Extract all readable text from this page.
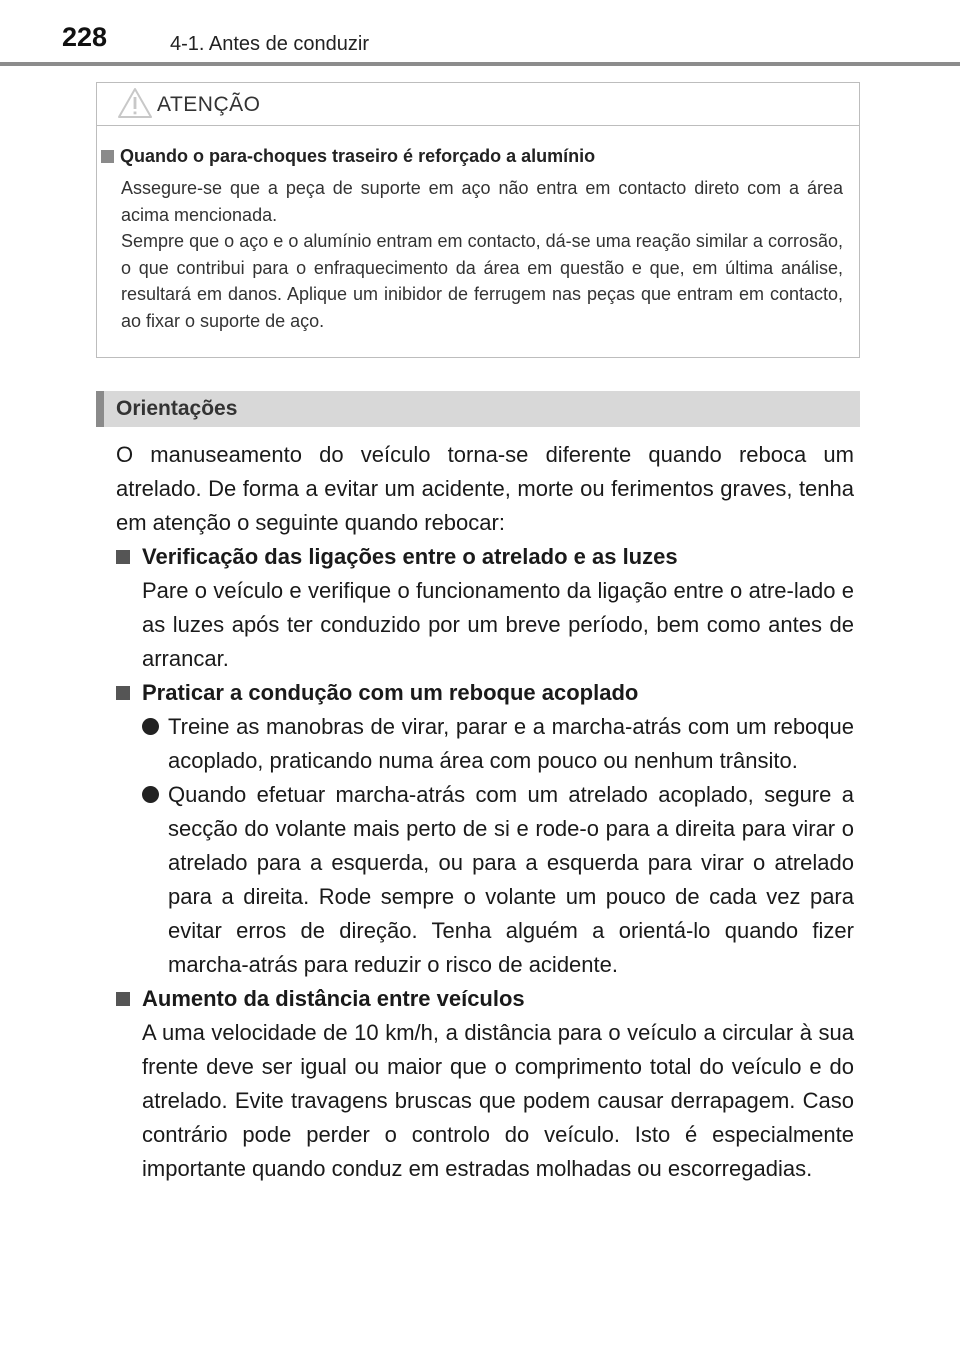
228	4-1. Antes de conduzir
ATENÇÃO
Quando o para-choques traseiro é reforçado a alumínio

Assegure-se que a peça de suporte em aço não entra em contacto direto com a área acima mencionada.

Sempre que o aço e o alumínio entram em contacto, dá-se uma reação similar a corrosão, o que contribui para o enfraquecimento da área em questão e que, em última análise, resultará em danos. Aplique um inibidor de ferrugem nas peças que entram em contacto, ao fixar o suporte de aço.

Orientações

O manuseamento do veículo torna-se diferente quando reboca um atrelado. De forma a evitar um acidente, morte ou ferimentos graves, tenha em atenção o seguinte quando rebocar:

Verificação das ligações entre o atrelado e as luzes

Pare o veículo e verifique o funcionamento da ligação entre o atre-lado e as luzes após ter conduzido por um breve período, bem como antes de arrancar.

Praticar a condução com um reboque acoplado

Treine as manobras de virar, parar e a marcha-atrás com um reboque acoplado, praticando numa área com pouco ou nenhum trânsito.

Quando efetuar marcha-atrás com um atrelado acoplado, segure a secção do volante mais perto de si e rode-o para a direita para virar o atrelado para a esquerda, ou para a esquerda para virar o atrelado para a direita. Rode sempre o volante um pouco de cada vez para evitar erros de direção. Tenha alguém a orientá-lo quando fizer marcha-atrás para reduzir o risco de acidente.

Aumento da distância entre veículos

A uma velocidade de 10 km/h, a distância para o veículo a circular à sua frente deve ser igual ou maior que o comprimento total do veículo e do atrelado. Evite travagens bruscas que podem causar derrapagem. Caso contrário pode perder o controlo do veículo. Isto é especialmente importante quando conduz em estradas molhadas ou escorregadias.
